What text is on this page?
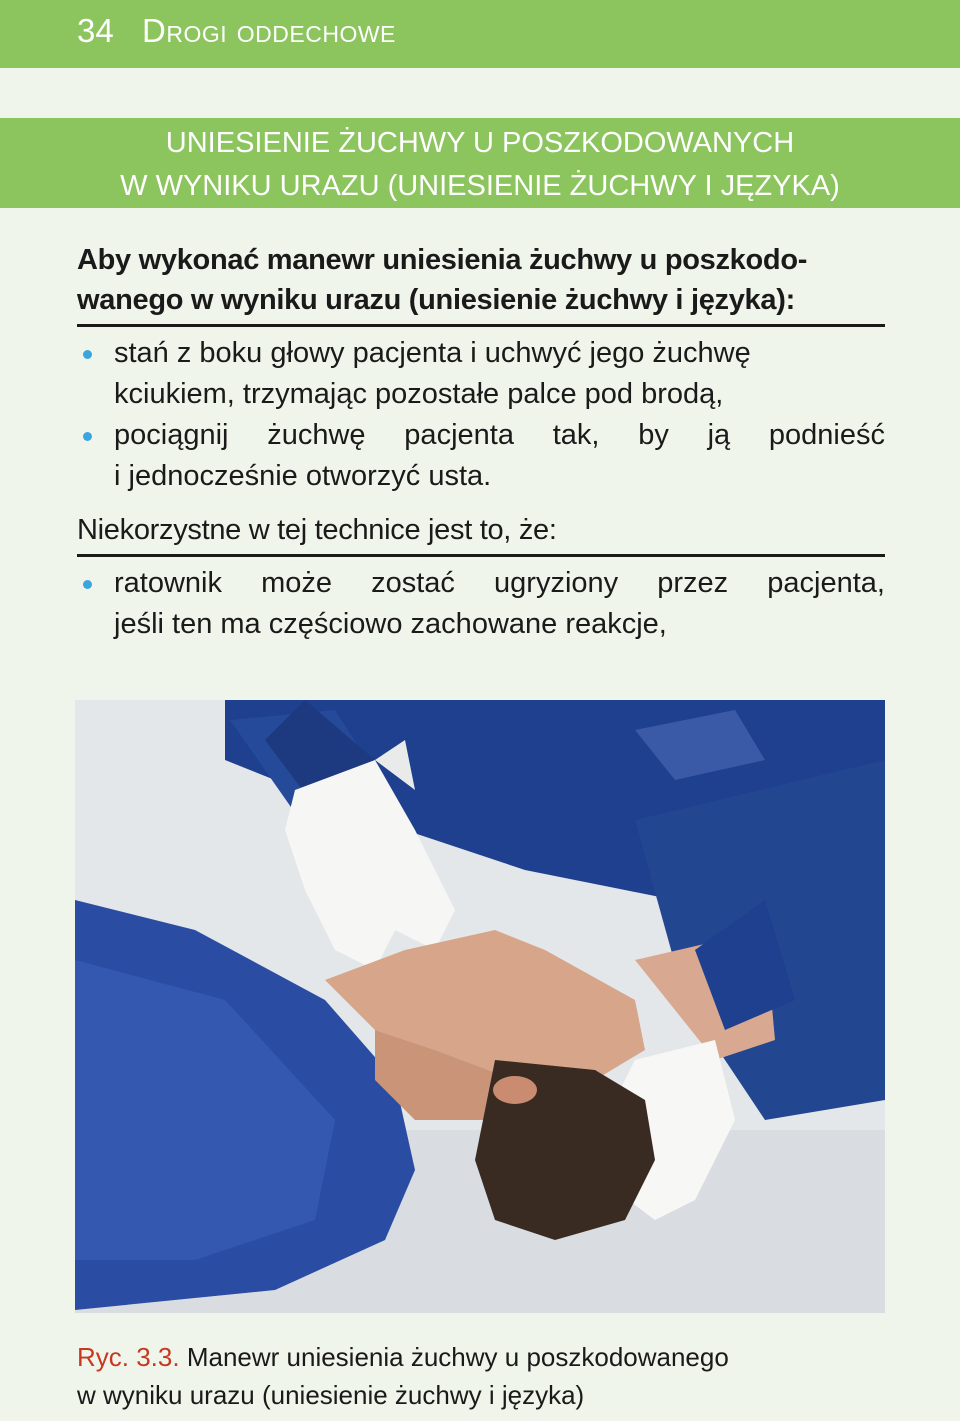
34 Drogi oddechowe
UNIESIENIE ŻUCHWY U POSZKODOWANYCH
W WYNIKU URAZU (UNIESIENIE ŻUCHWY I JĘZYKA)
Aby wykonać manewr uniesienia żuchwy u poszkodo-
wanego w wyniku urazu (uniesienie żuchwy i języka):
stań z boku głowy pacjenta i uchwyć jego żuchwę
kciukiem, trzymając pozostałe palce pod brodą,
pociągnij żuchwę pacjenta tak, by ją podnieść
i jednocześnie otworzyć usta.
Niekorzystne w tej technice jest to, że:
ratownik może zostać ugryziony przez pacjenta,
jeśli ten ma częściowo zachowane reakcje,
Ryc. 3.3. Manewr uniesienia żuchwy u poszkodowanego
w wyniku urazu (uniesienie żuchwy i języka)
